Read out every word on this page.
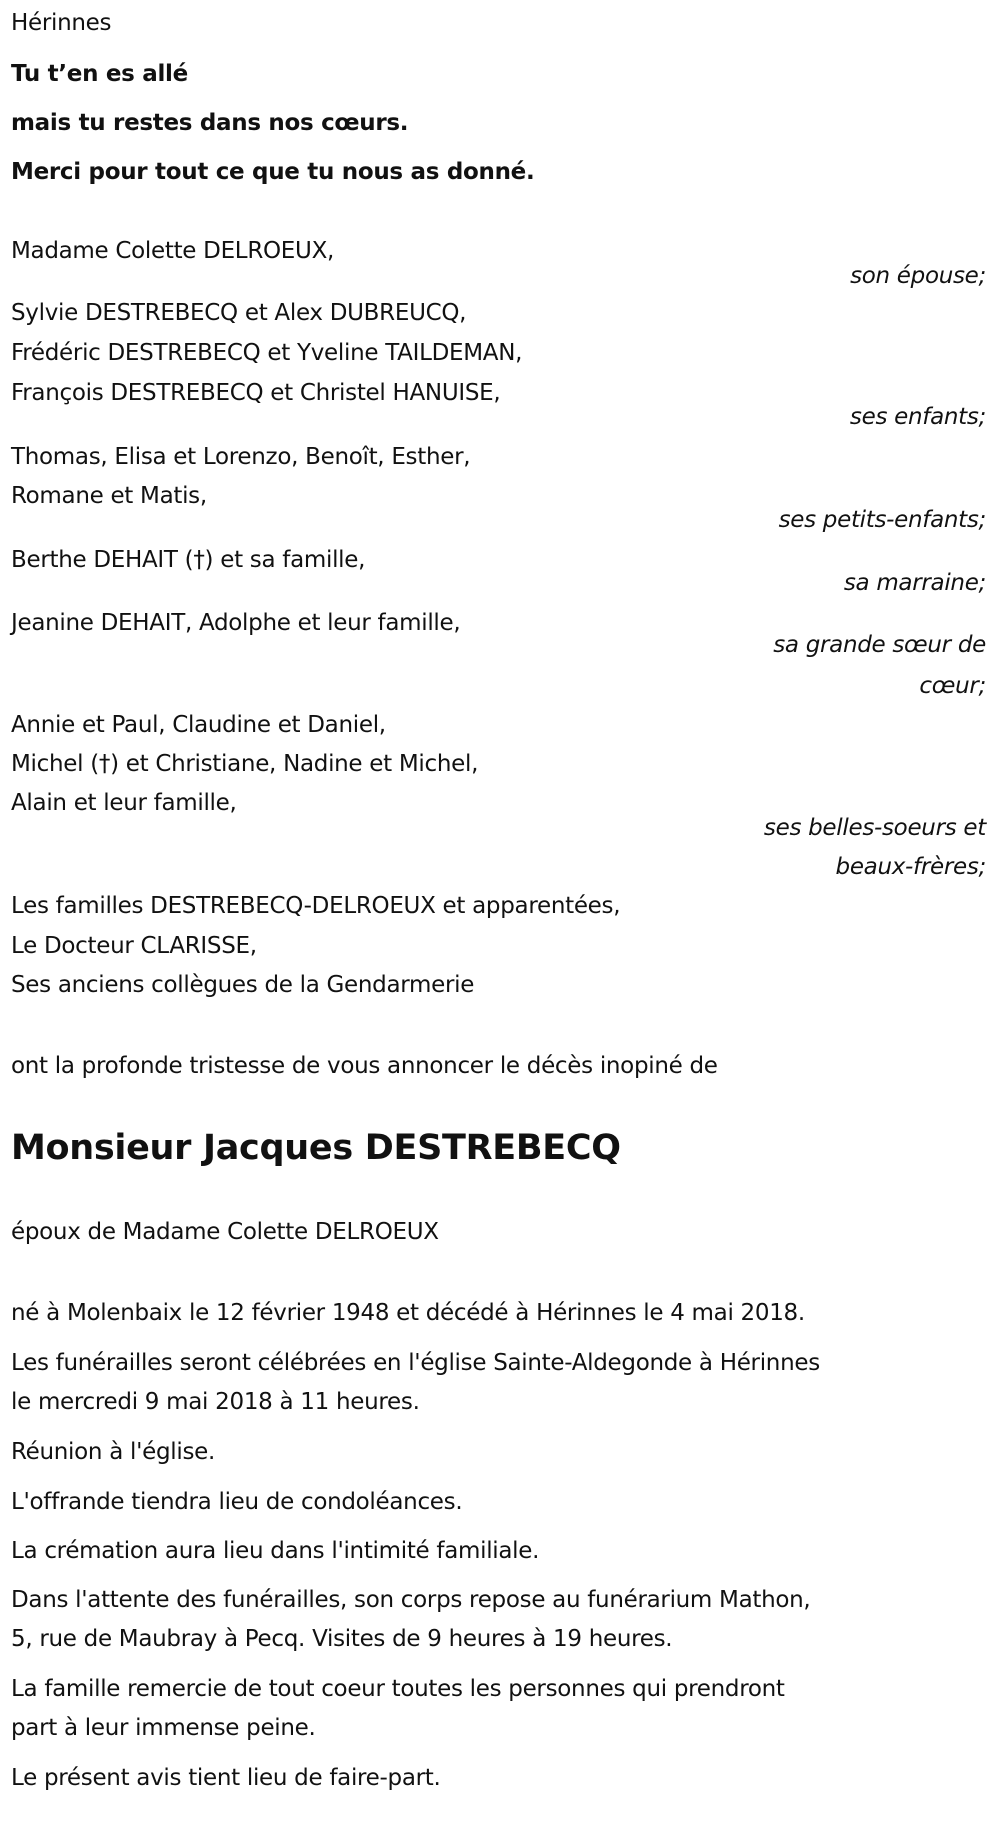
Hérinnes
Tu t’en es allé
mais tu restes dans nos cœurs.
Merci pour tout ce que tu nous as donné.
Madame Colette DELROEUX,
son épouse;
Sylvie DESTREBECQ et Alex DUBREUCQ,
Frédéric DESTREBECQ et Yveline TAILDEMAN,
François DESTREBECQ et Christel HANUISE,
ses enfants;
Thomas, Elisa et Lorenzo, Benoît, Esther,
Romane et Matis,
ses petits-enfants;
Berthe DEHAIT (†) et sa famille,
sa marraine;
Jeanine DEHAIT, Adolphe et leur famille,
sa grande sœur de
cœur;
Annie et Paul, Claudine et Daniel,
Michel (†) et Christiane, Nadine et Michel,
Alain et leur famille,
ses belles-soeurs et
beaux-frères;
Les familles DESTREBECQ-DELROEUX et apparentées,
Le Docteur CLARISSE,
Ses anciens collègues de la Gendarmerie
ont la profonde tristesse de vous annoncer le décès inopiné de
Monsieur Jacques DESTREBECQ
époux de Madame Colette DELROEUX
né à Molenbaix le 12 février 1948 et décédé à Hérinnes le 4 mai 2018.
Les funérailles seront célébrées en l'église Sainte-Aldegonde à Hérinnes
le mercredi 9 mai 2018 à 11 heures.
Réunion à l'église.
L'offrande tiendra lieu de condoléances.
La crémation aura lieu dans l'intimité familiale.
Dans l'attente des funérailles, son corps repose au funérarium Mathon,
5, rue de Maubray à Pecq. Visites de 9 heures à 19 heures.
La famille remercie de tout coeur toutes les personnes qui prendront
part à leur immense peine.
Le présent avis tient lieu de faire-part.
